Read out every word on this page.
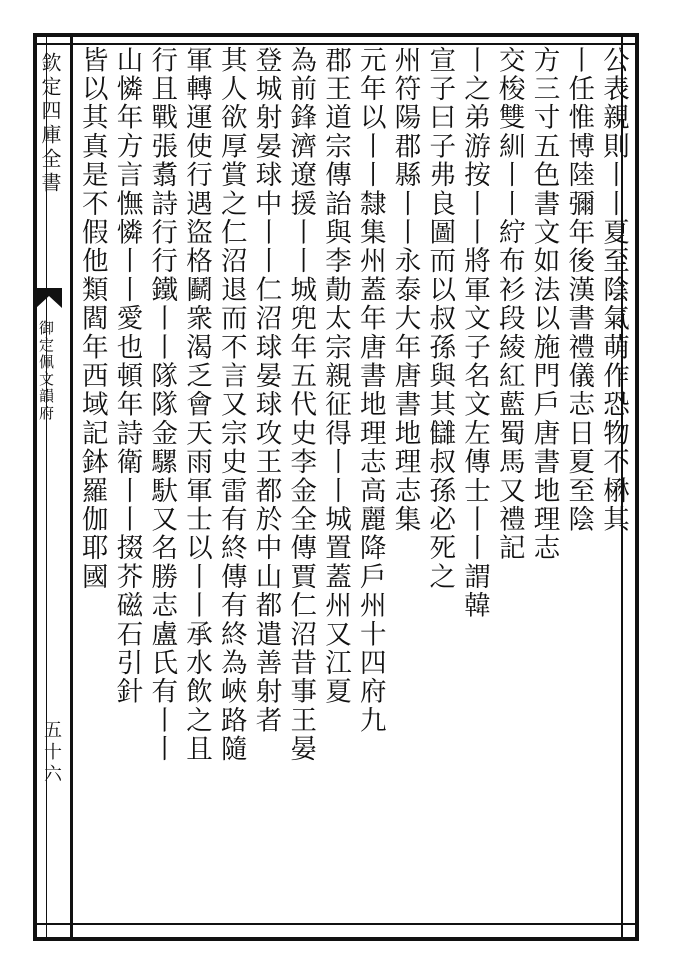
欽定四庫全書
御定佩文韻府
五十六
公表親則丨丨夏至陰氣萌作恐物不楙其
丨任惟博陸彌年後漢書禮儀志日夏至陰
方三寸五色書文如法以施門戶唐書地理志
交梭雙紃丨丨紵布衫段綾紅藍蜀馬又禮記
丨之弟游按丨丨將軍文子名文左傳士丨丨謂韓
宣子曰子弗良圖而以叔孫與其讎叔孫必死之
州符陽郡縣丨丨永泰大年唐書地理志集
元年以丨丨隸集州蓋年唐書地理志高麗降戶州十四府九
郡王道宗傳詒與李勣太宗親征得丨丨城置蓋州又江夏
為前鋒濟遼援丨丨城兜年五代史李金全傳賈仁沼昔事王晏
登城射晏球中丨丨仁沼球晏球攻王都於中山都遣善射者
其人欲厚賞之仁沼退而不言又宗史雷有終傳有終為峽路隨
軍轉運使行遇盜格鬬衆渴乏會天雨軍士以丨丨承水飲之且
行且戰張翥詩行行鐵丨丨隊隊金騾馱又名勝志盧氏有丨丨
山憐年方言憮憐丨丨愛也頓年詩衛丨丨掇芥磁石引針
皆以其真是不假他類閻年西域記鉢羅伽耶國
